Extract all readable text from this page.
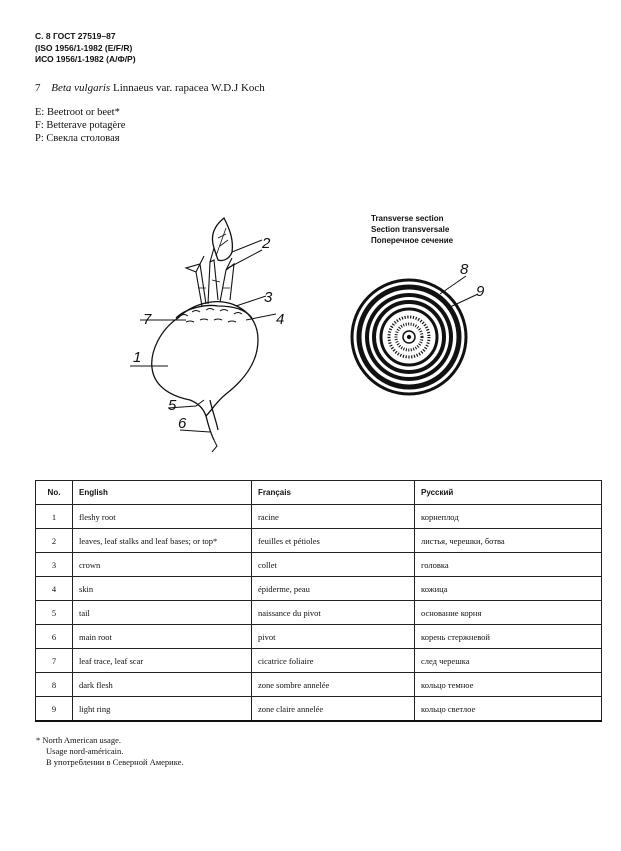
С. 8 ГОСТ 27519–87
(ISO 1956/1-1982 (E/F/R)
ИСО 1956/1-1982 (А/Ф/Р)
7 Beta vulgaris Linnaeus var. rapacea W.D.J Koch
E: Beetroot or beet*
F: Betterave potagère
P: Свекла столовая
Transverse section
Section transversale
Поперечное сечение
2
3
4
7
1
5
6
8
9
No.	English	Français	Русский
1	fleshy root	racine	корнеплод
2	leaves, leaf stalks and leaf bases; or top*	feuilles et pétioles	листья, черешки, ботва
3	crown	collet	головка
4	skin	épiderme, peau	кожица
5	tail	naissance du pivot	основание корня
6	main root	pivot	корень стержневой
7	leaf trace, leaf scar	cicatrice foliaire	след черешка
8	dark flesh	zone sombre annelée	кольцо темное
9	light ring	zone claire annelée	кольцо светлое
* North American usage.
Usage nord-américain.
В употреблении в Северной Америке.
